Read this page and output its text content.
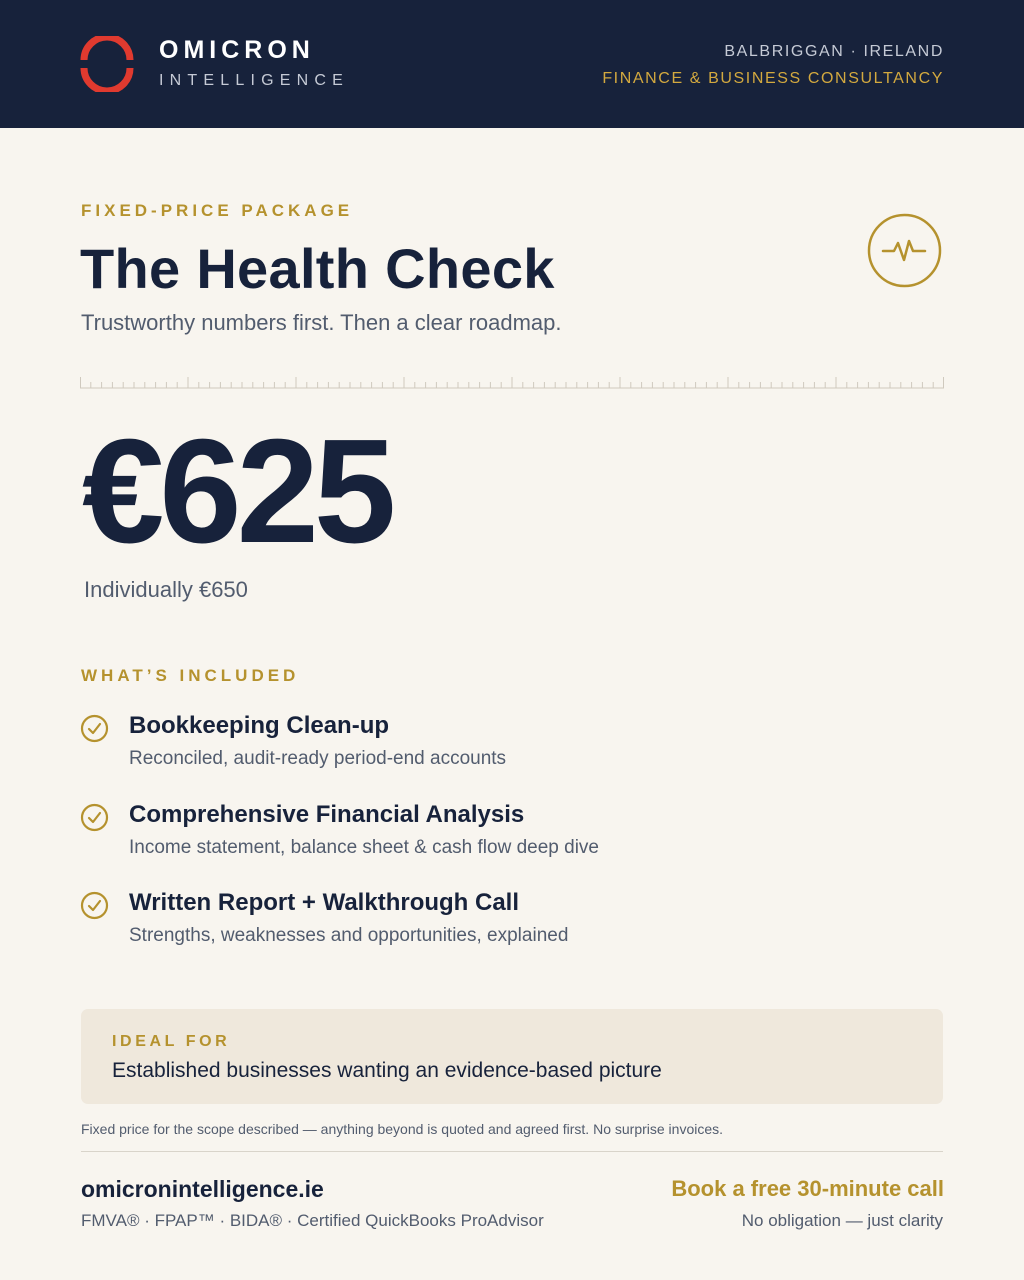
OMICRON
INTELLIGENCE
BALBRIGGAN · IRELAND
FINANCE & BUSINESS CONSULTANCY
FIXED-PRICE PACKAGE
The Health Check
Trustworthy numbers first. Then a clear roadmap.
€625
Individually €650
WHAT’S INCLUDED
Bookkeeping Clean-up
Reconciled, audit-ready period-end accounts
Comprehensive Financial Analysis
Income statement, balance sheet & cash flow deep dive
Written Report + Walkthrough Call
Strengths, weaknesses and opportunities, explained
IDEAL FOR
Established businesses wanting an evidence-based picture
Fixed price for the scope described — anything beyond is quoted and agreed first. No surprise invoices.
omicronintelligence.ie
FMVA® · FPAP™ · BIDA® · Certified QuickBooks ProAdvisor
Book a free 30-minute call
No obligation — just clarity
